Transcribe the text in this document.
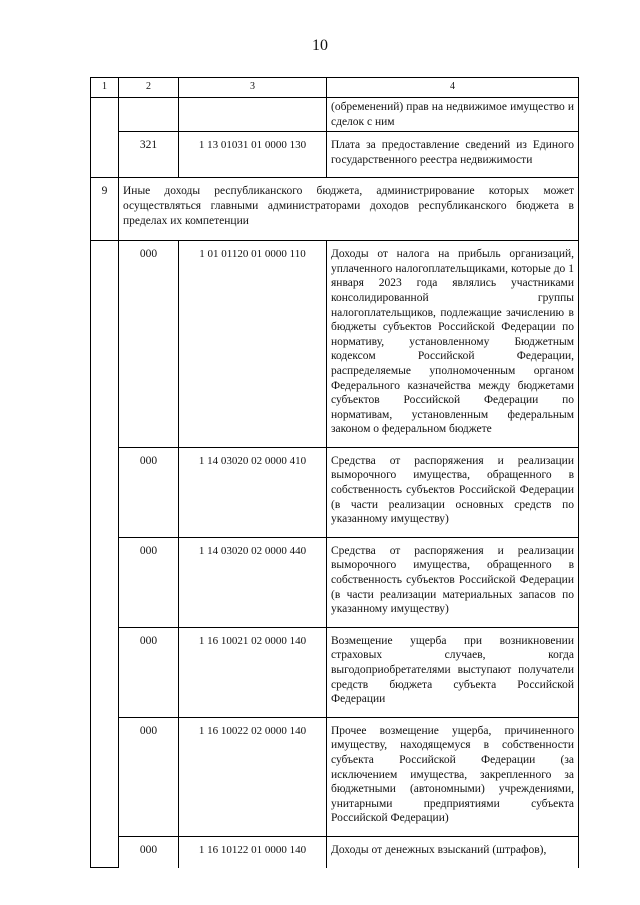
10
1	2	3	4
			(обременений) прав на недвижимое имущество и сделок с ним
	321	1 13 01031 01 0000 130	Плата за предоставление сведений из Единого государственного реестра недвижимости
9	Иные доходы республиканского бюджета, администрирование которых может осуществляться главными администраторами доходов республиканского бюджета в пределах их компетенции		
	000	1 01 01120 01 0000 110	Доходы от налога на прибыль организаций, уплаченного налогоплательщиками, которые до 1 января 2023 года являлись участниками консолидированной группы налогоплательщиков, подлежащие зачислению в бюджеты субъектов Российской Федерации по нормативу, установленному Бюджетным кодексом Российской Федерации, распределяемые уполномоченным органом Федерального казначейства между бюджетами субъектов Российской Федерации по нормативам, установленным федеральным законом о федеральном бюджете
	000	1 14 03020 02 0000 410	Средства от распоряжения и реализации выморочного имущества, обращенного в собственность субъектов Российской Федерации (в части реализации основных средств по указанному имуществу)
	000	1 14 03020 02 0000 440	Средства от распоряжения и реализации выморочного имущества, обращенного в собственность субъектов Российской Федерации (в части реализации материальных запасов по указанному имуществу)
	000	1 16 10021 02 0000 140	Возмещение ущерба при возникновении страховых случаев, когда выгодоприобретателями выступают получатели средств бюджета субъекта Российской Федерации
	000	1 16 10022 02 0000 140	Прочее возмещение ущерба, причиненного имуществу, находящемуся в собственности субъекта Российской Федерации (за исключением имущества, закрепленного за бюджетными (автономными) учреждениями, унитарными предприятиями субъекта Российской Федерации)
	000	1 16 10122 01 0000 140	Доходы от денежных взысканий (штрафов),
